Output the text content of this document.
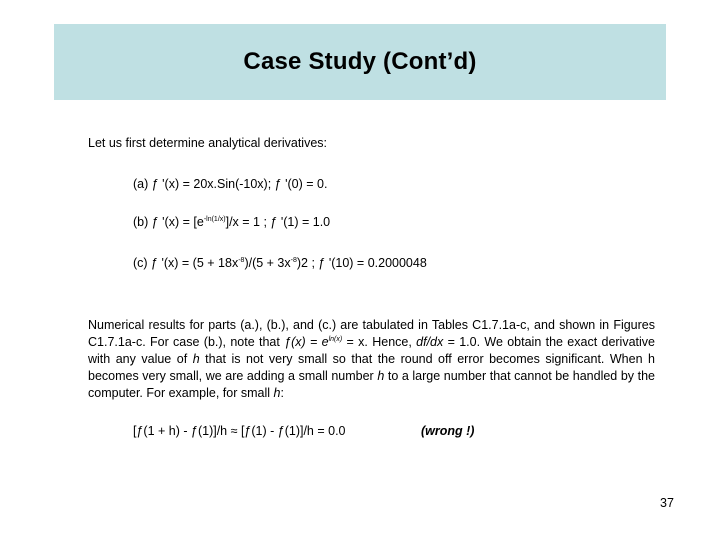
Case Study (Cont’d)
Let us first determine analytical derivatives:
(a) ƒ '(x) = 20x.Sin(-10x); ƒ '(0) = 0.
(b) ƒ '$(x) = [e^{-ln(1/x)}]/x = 1$ ; ƒ '(1) = 1.0
(c) ƒ '$(x) = (5 + 18x^{-8})/(5 + 3x^{-8})2$ ; ƒ '(10) = 0.2000048
Numerical results for parts (a.), (b.), and (c.) are tabulated in Tables C1.7.1a-c, and shown in Figures C1.7.1a-c. For case (b.), note that ƒ(x) = $e^{ln(x)} = x$. Hence, df/dx = 1.0. We obtain the exact derivative with any value of h that is not very small so that the round off error becomes significant. When h becomes very small, we are adding a small number h to a large number that cannot be handled by the computer. For example, for small h:
[ƒ(1 + h) - ƒ(1)]/h ≈ [ƒ(1) - ƒ(1)]/h = 0.0	(wrong !)
37
